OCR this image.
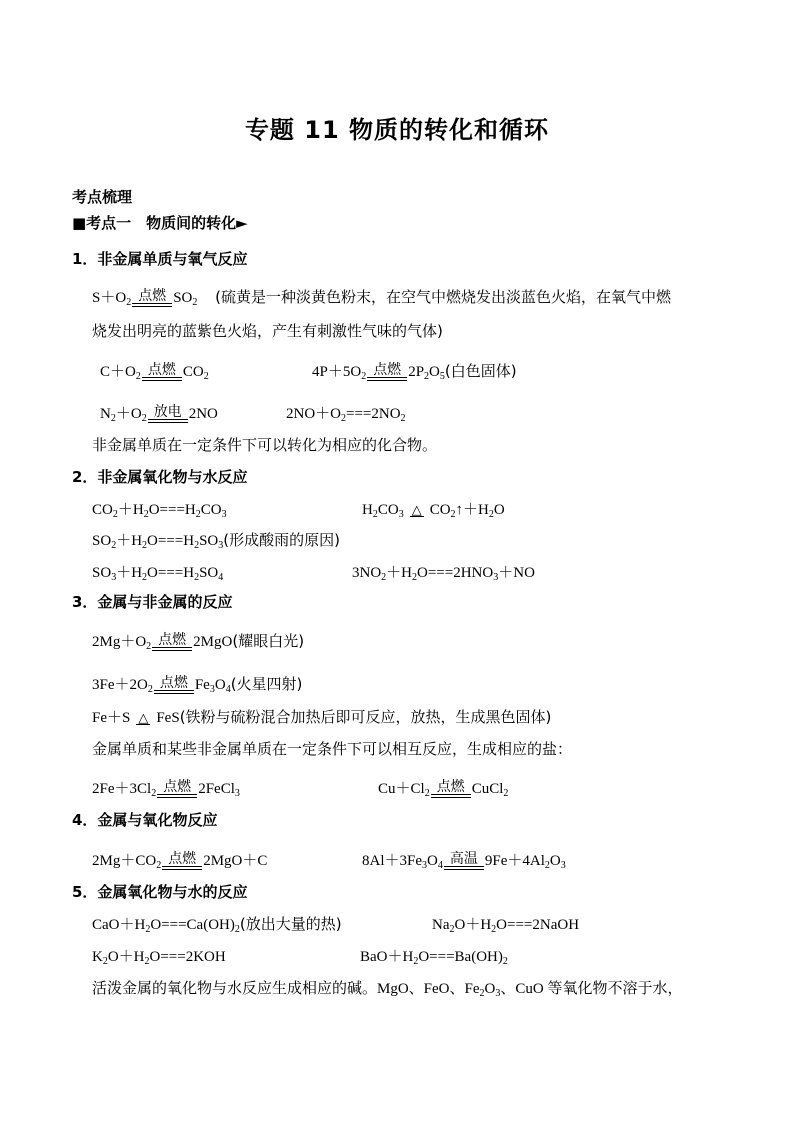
专题 11 物质的转化和循环
考点梳理
■考点一　物质间的转化►
1．非金属单质与氧气反应
$S+O_2$ 点燃 $SO_2$ (硫黄是一种淡黄色粉末，在空气中燃烧发出淡蓝色火焰，在氧气中燃
烧发出明亮的蓝紫色火焰，产生有刺激性气味的气体)
$C+O_2$ 点燃 $CO_2$	$4P+5O_2$ 点燃 $2P_2O_5$(白色固体)
$N_2+O_2$ 放电 2NO	$2NO+O_2===2NO_2$
非金属单质在一定条件下可以转化为相应的化合物。
2．非金属氧化物与水反应
$CO_2+H_2O===H_2CO_3$	$H_2CO_3$ △ $CO_2↑+H_2O$
$SO_2+H_2O===H_2SO_3$(形成酸雨的原因)
$SO_3+H_2O===H_2SO_4$	$3NO_2+H_2O===2HNO_3+NO$
3．金属与非金属的反应
$2Mg+O_2$ 点燃 2MgO(耀眼白光)
$3Fe+2O_2$ 点燃 $Fe_3O_4$(火星四射)
Fe＋S △ FeS(铁粉与硫粉混合加热后即可反应，放热，生成黑色固体)
金属单质和某些非金属单质在一定条件下可以相互反应，生成相应的盐：
$2Fe+3Cl_2$ 点燃 2FeCl$_3$	$Cu+Cl_2$ 点燃 CuCl$_2$
4．金属与氧化物反应
$2Mg+CO_2$ 点燃 2MgO＋C	$8Al+3Fe_3O_4$ 高温 $9Fe+4Al_2O_3$
5．金属氧化物与水的反应
$CaO+H_2O===Ca(OH)_2$(放出大量的热)	$Na_2O+H_2O===2NaOH$
$K_2O+H_2O===2KOH$	$BaO+H_2O===Ba(OH)_2$
活泼金属的氧化物与水反应生成相应的碱。MgO、FeO、$Fe_2O_3$、CuO 等氧化物不溶于水，
